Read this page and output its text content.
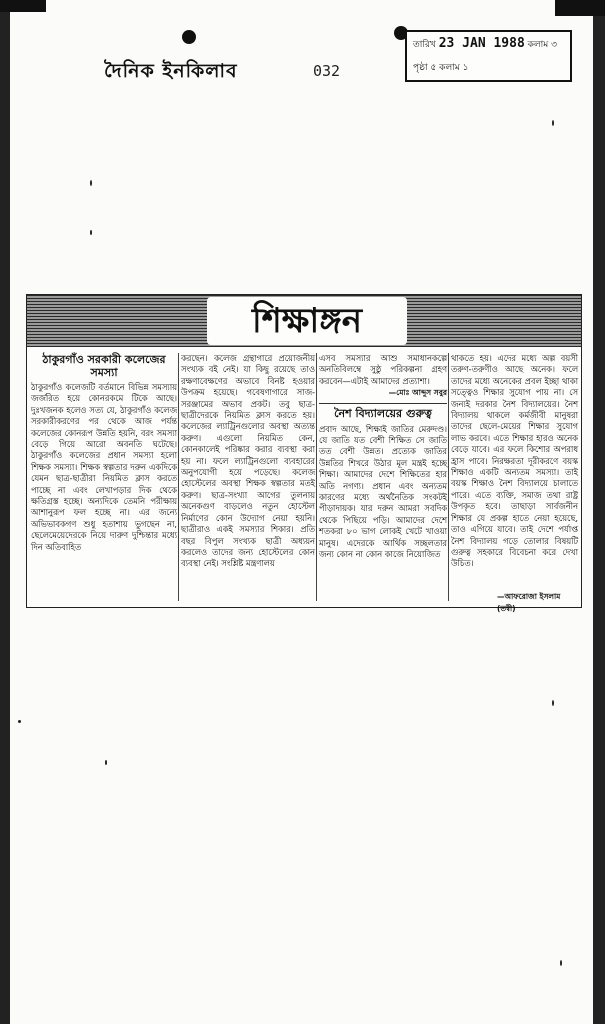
দৈনিক ইনকিলাব	032
তারিখ 23 JAN 1988 কলাম ৩
পৃষ্ঠা ৫ কলাম ১
শিক্ষাঙ্গন
ঠাকুরগাঁও সরকারী কলেজের সমস্যা
ঠাকুরগাঁও কলেজটি বর্তমানে বিভিন্ন সমস্যায় জর্জরিত হয়ে কোনরকমে টিকে আছে। দুঃখজনক হলেও সত্য যে, ঠাকুরগাঁও কলেজ সরকারীকরণের পর থেকে আজ পর্যন্ত কলেজের কোনরূপ উন্নতি হয়নি, বরং সমস্যা বেড়ে গিয়ে আরো অবনতি ঘটেছে। ঠাকুরগাঁও কলেজের প্রধান সমস্যা হলো শিক্ষক সমস্যা। শিক্ষক স্বল্পতার দরুন একদিকে যেমন ছাত্র-ছাত্রীরা নিয়মিত ক্লাস করতে পাচ্ছে না এবং লেখাপড়ার দিক থেকে ক্ষতিগ্রস্ত হচ্ছে। অন্যদিকে তেমনি পরীক্ষায় আশানুরূপ ফল হচ্ছে না। এর জন্যে অভিভাবকগণ শুধু হতাশায় ভুগছেন না, ছেলেমেয়েদেরকে নিয়ে দারুণ দুশ্চিন্তার মধ্যে দিন অতিবাহিত
করছেন। কলেজ গ্রন্থাগারে প্রয়োজনীয় সংখ্যক বই নেই। যা কিছু রয়েছে তাও রক্ষণাবেক্ষণের অভাবে বিনষ্ট হওয়ার উপক্রম হয়েছে। গবেষণাগারে সাজ-সরঞ্জামের অভাব প্রকট। তবু ছাত্র-ছাত্রীদেরকে নিয়মিত ক্লাস করতে হয়। কলেজের ল্যাট্রিনগুলোর অবস্থা অত্যন্ত করুণ। এগুলো নিয়মিত কেন, কোনকালেই পরিষ্কার করার ব্যবস্থা করা হয় না। ফলে ল্যাট্রিনগুলো ব্যবহারের অনুপযোগী হয়ে পড়েছে। কলেজ হোস্টেলের অবস্থা শিক্ষক স্বল্পতার মতই করুণ। ছাত্র-সংখ্যা আগের তুলনায় অনেকগুণ বাড়লেও নতুন হোস্টেল নির্মাণের কোন উদ্যোগ নেয়া হয়নি। ছাত্রীরাও একই সমস্যার শিকার। প্রতি বছর বিপুল সংখ্যক ছাত্রী অধ্যয়ন করলেও তাদের জন্য হোস্টেলের কোন ব্যবস্থা নেই। সংশ্লিষ্ট মন্ত্রণালয়
এসব সমস্যার আশু সমাধানকল্পে অনতিবিলম্বে সুষ্ঠু পরিকল্পনা গ্রহণ করবেন—এটাই আমাদের প্রত্যাশা।
—মোঃ আব্দুস সবুর
নৈশ বিদ্যালয়ের গুরুত্ব
প্রবাদ আছে, শিক্ষাই জাতির মেরুদণ্ড। যে জাতি যত বেশী শিক্ষিত সে জাতি তত বেশী উন্নত। প্রত্যেক জাতির উন্নতির শিখরে উঠার মূল মন্ত্রই হচ্ছে শিক্ষা। আমাদের দেশে শিক্ষিতের হার অতি নগণ্য। প্রধান এবং অন্যতম কারণের মধ্যে অর্থনৈতিক সংকটই পীড়াদায়ক। যার দরুন আমরা সবদিক থেকে পিছিয়ে পড়ি। আমাদের দেশে শতকরা ৮০ ভাগ লোকই খেটে খাওয়া মানুষ। এদেরকে আর্থিক সচ্ছলতার জন্য কোন না কোন কাজে নিয়োজিত
থাকতে হয়। এদের মধ্যে অল্প বয়সী তরুণ-তরুণীও আছে অনেক। ফলে তাদের মধ্যে অনেকের প্রবল ইচ্ছা থাকা সত্ত্বেও শিক্ষার সুযোগ পায় না। সে জন্যই দরকার নৈশ বিদ্যালয়ের। নৈশ বিদ্যালয় থাকলে কর্মজীবী মানুষরা তাদের ছেলে-মেয়ের শিক্ষার সুযোগ লাভ করবে। এতে শিক্ষার হারও অনেক বেড়ে যাবে। এর ফলে কিশোর অপরাধ হ্রাস পাবে। নিরক্ষরতা দূরীকরণে বয়স্ক শিক্ষাও একটি অন্যতম সমস্যা। তাই বয়স্ক শিক্ষাও নৈশ বিদ্যালয়ে চালাতে পারে। এতে ব্যক্তি, সমাজ তথা রাষ্ট্র উপকৃত হবে। তাছাড়া সার্বজনীন শিক্ষার যে প্রকল্প হাতে নেয়া হয়েছে, তাও এগিয়ে যাবে। তাই দেশে পর্যাপ্ত নৈশ বিদ্যালয় গড়ে তোলার বিষয়টি গুরুত্ব সহকারে বিবেচনা করে দেখা উচিত।
—আফরোজা ইসলাম (তন্বী)
